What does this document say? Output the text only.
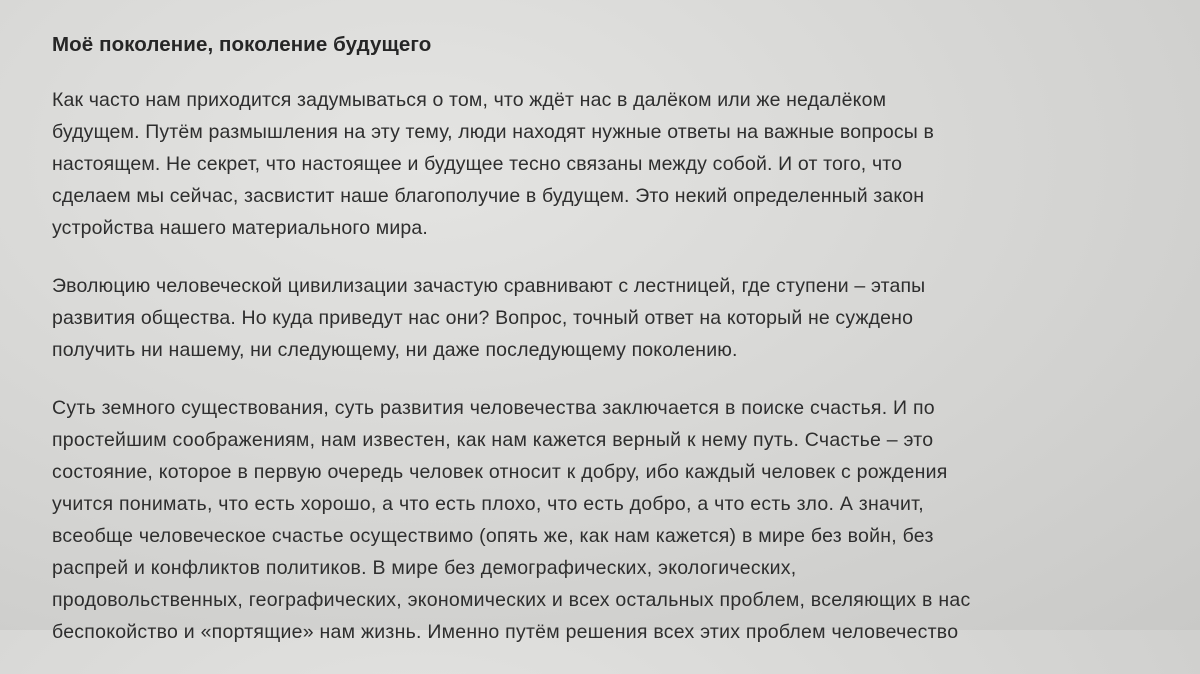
Моё поколение, поколение будущего
Как часто нам приходится задумываться о том, что ждёт нас в далёком или же недалёком
будущем. Путём размышления на эту тему, люди находят нужные ответы на важные вопросы в
настоящем. Не секрет, что настоящее и будущее тесно связаны между собой. И от того, что
сделаем мы сейчас, засвистит наше благополучие в будущем. Это некий определенный закон
устройства нашего материального мира.
Эволюцию человеческой цивилизации зачастую сравнивают с лестницей, где ступени – этапы
развития общества. Но куда приведут нас они? Вопрос, точный ответ на который не суждено
получить ни нашему, ни следующему, ни даже последующему поколению.
Суть земного существования, суть развития человечества заключается в поиске счастья. И по
простейшим соображениям, нам известен, как нам кажется верный к нему путь. Счастье – это
состояние, которое в первую очередь человек относит к добру, ибо каждый человек с рождения
учится понимать, что есть хорошо, а что есть плохо, что есть добро, а что есть зло. А значит,
всеобще человеческое счастье осуществимо (опять же, как нам кажется) в мире без войн, без
распрей и конфликтов политиков. В мире без демографических, экологических,
продовольственных, географических, экономических и всех остальных проблем, вселяющих в нас
беспокойство и «портящие» нам жизнь. Именно путём решения всех этих проблем человечество
